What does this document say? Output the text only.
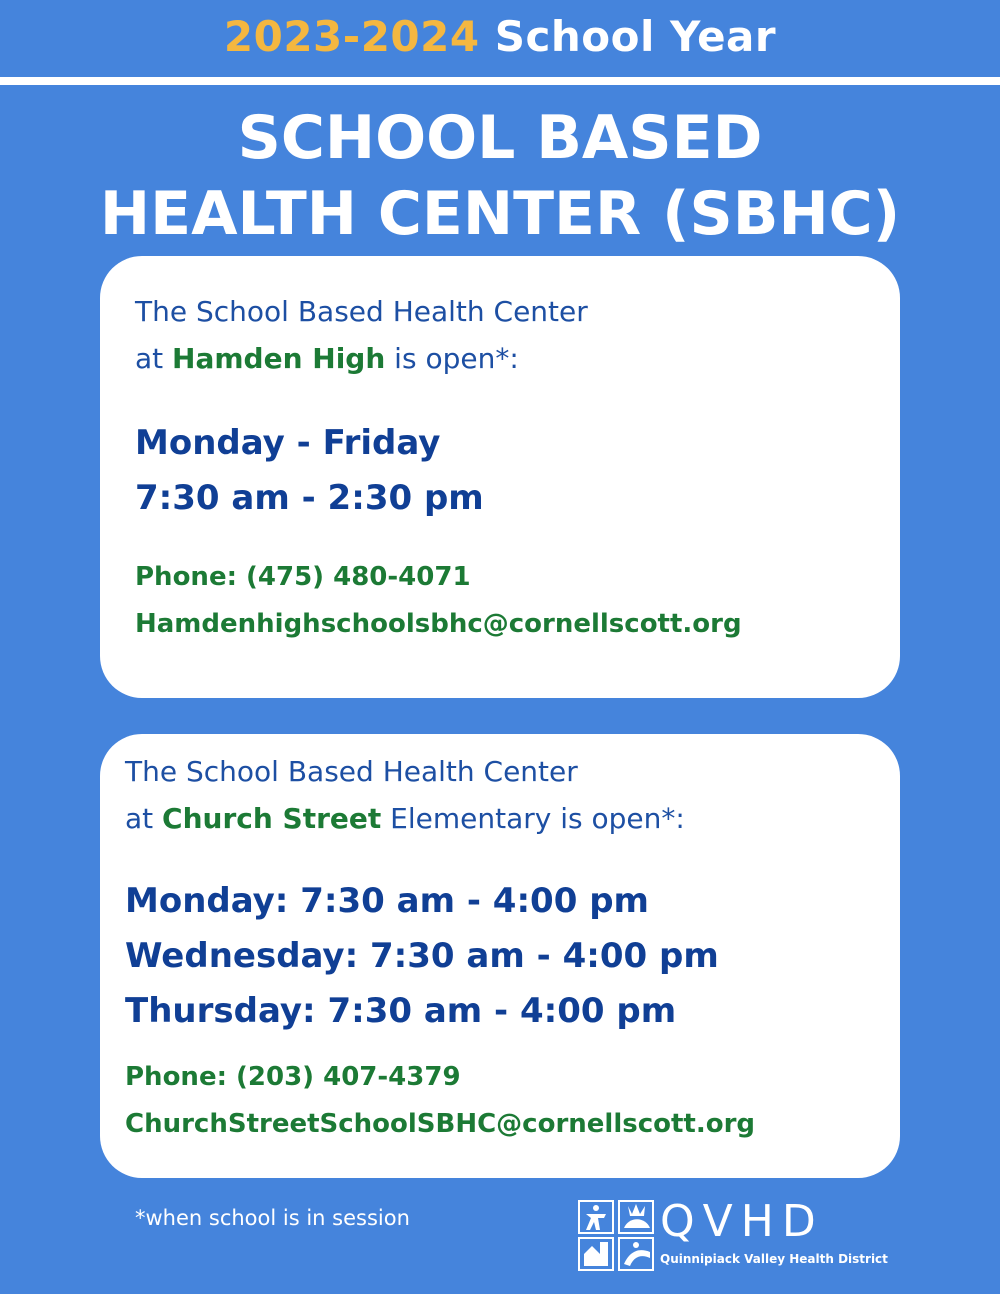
2023-2024 School Year
SCHOOL BASED
HEALTH CENTER (SBHC)
The School Based Health Center
at Hamden High is open*:
Monday - Friday
7:30 am - 2:30 pm
Phone: (475) 480-4071
Hamdenhighschoolsbhc@cornellscott.org
The School Based Health Center
at Church Street Elementary is open*:
Monday: 7:30 am - 4:00 pm
Wednesday: 7:30 am - 4:00 pm
Thursday: 7:30 am - 4:00 pm
Phone: (203) 407-4379
ChurchStreetSchoolSBHC@cornellscott.org
*when school is in session	QVHD
Quinnipiack Valley Health District
